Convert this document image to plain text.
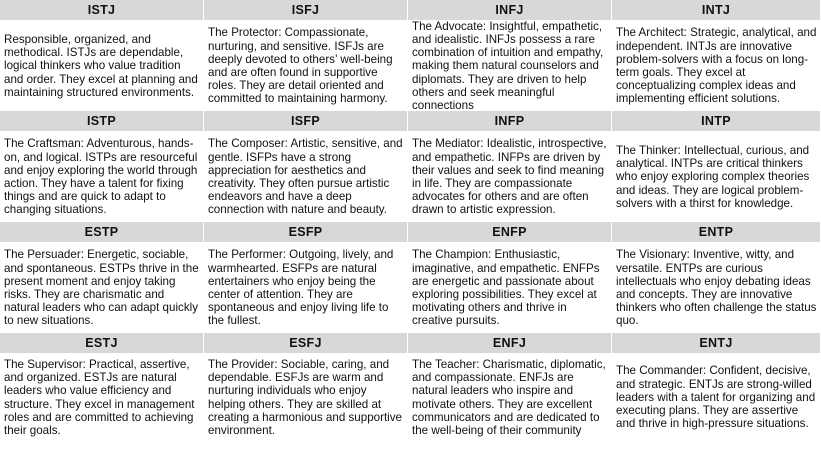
ISTJ	ISFJ	INFJ	INTJ
Responsible, organized, and methodical. ISTJs are dependable, logical thinkers who value tradition and order. They excel at planning and maintaining structured environments.
The Protector: Compassionate, nurturing, and sensitive. ISFJs are deeply devoted to others’ well-being and are often found in supportive roles. They are detail oriented and committed to maintaining harmony.
The Advocate: Insightful, empathetic, and idealistic. INFJs possess a rare combination of intuition and empathy, making them natural counselors and diplomats. They are driven to help others and seek meaningful connections
The Architect: Strategic, analytical, and independent. INTJs are innovative problem-solvers with a focus on long-term goals. They excel at conceptualizing complex ideas and implementing efficient solutions.
ISTP	ISFP	INFP	INTP
The Craftsman: Adventurous, hands-on, and logical. ISTPs are resourceful and enjoy exploring the world through action. They have a talent for fixing things and are quick to adapt to changing situations.
The Composer: Artistic, sensitive, and gentle. ISFPs have a strong appreciation for aesthetics and creativity. They often pursue artistic endeavors and have a deep connection with nature and beauty.
The Mediator: Idealistic, introspective, and empathetic. INFPs are driven by their values and seek to find meaning in life. They are compassionate advocates for others and are often drawn to artistic expression.
The Thinker: Intellectual, curious, and analytical. INTPs are critical thinkers who enjoy exploring complex theories and ideas. They are logical problem-solvers with a thirst for knowledge.
ESTP	ESFP	ENFP	ENTP
The Persuader: Energetic, sociable, and spontaneous. ESTPs thrive in the present moment and enjoy taking risks. They are charismatic and natural leaders who can adapt quickly to new situations.
The Performer: Outgoing, lively, and warmhearted. ESFPs are natural entertainers who enjoy being the center of attention. They are spontaneous and enjoy living life to the fullest.
The Champion: Enthusiastic, imaginative, and empathetic. ENFPs are energetic and passionate about exploring possibilities. They excel at motivating others and thrive in creative pursuits.
The Visionary: Inventive, witty, and versatile. ENTPs are curious intellectuals who enjoy debating ideas and concepts. They are innovative thinkers who often challenge the status quo.
ESTJ	ESFJ	ENFJ	ENTJ
The Supervisor: Practical, assertive, and organized. ESTJs are natural leaders who value efficiency and structure. They excel in management roles and are committed to achieving their goals.
The Provider: Sociable, caring, and dependable. ESFJs are warm and nurturing individuals who enjoy helping others. They are skilled at creating a harmonious and supportive environment.
The Teacher: Charismatic, diplomatic, and compassionate. ENFJs are natural leaders who inspire and motivate others. They are excellent communicators and are dedicated to the well-being of their community
The Commander: Confident, decisive, and strategic. ENTJs are strong-willed leaders with a talent for organizing and executing plans. They are assertive and thrive in high-pressure situations.
